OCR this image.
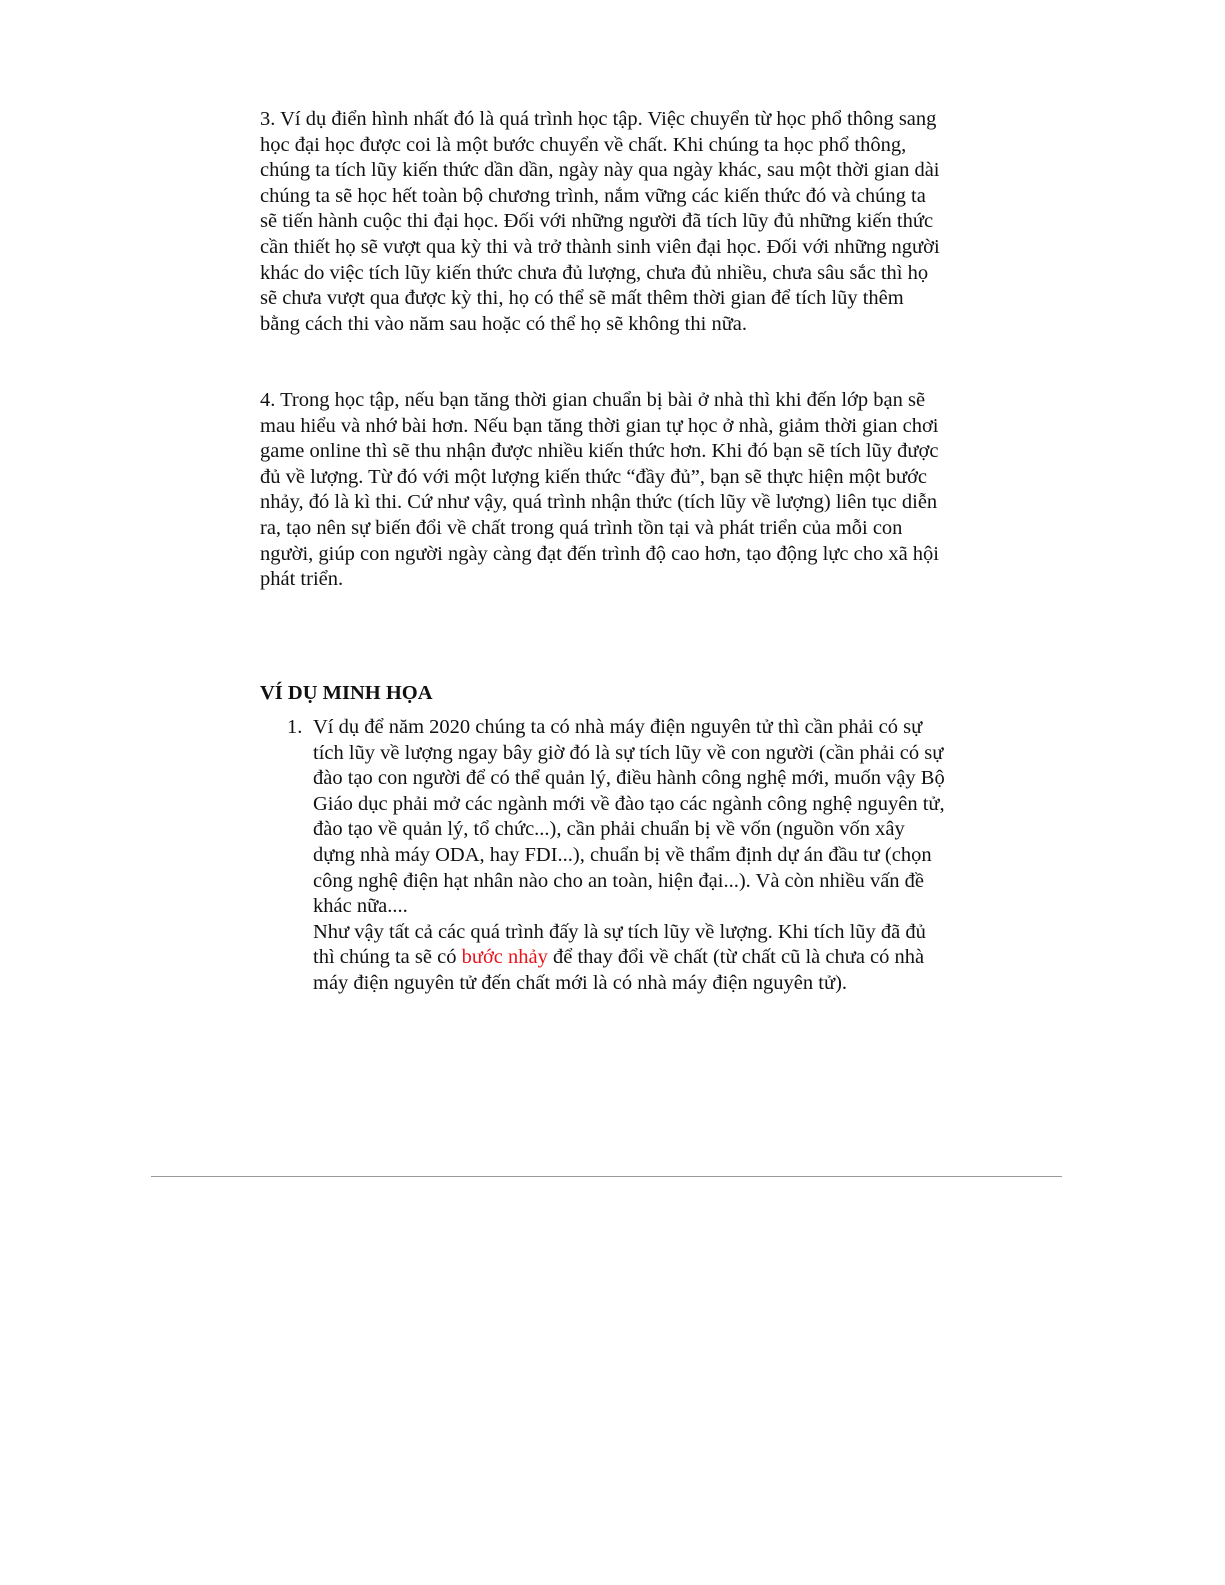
3. Ví dụ điển hình nhất đó là quá trình học tập. Việc chuyển từ học phổ thông sang
học đại học được coi là một bước chuyển về chất. Khi chúng ta học phổ thông,
chúng ta tích lũy kiến thức dần dần, ngày này qua ngày khác, sau một thời gian dài
chúng ta sẽ học hết toàn bộ chương trình, nắm vững các kiến thức đó và chúng ta
sẽ tiến hành cuộc thi đại học. Đối với những người đã tích lũy đủ những kiến thức
cần thiết họ sẽ vượt qua kỳ thi và trở thành sinh viên đại học. Đối với những người
khác do việc tích lũy kiến thức chưa đủ lượng, chưa đủ nhiều, chưa sâu sắc thì họ
sẽ chưa vượt qua được kỳ thi, họ có thể sẽ mất thêm thời gian để tích lũy thêm
bằng cách thi vào năm sau hoặc có thể họ sẽ không thi nữa.
4. Trong học tập, nếu bạn tăng thời gian chuẩn bị bài ở nhà thì khi đến lớp bạn sẽ
mau hiểu và nhớ bài hơn. Nếu bạn tăng thời gian tự học ở nhà, giảm thời gian chơi
game online thì sẽ thu nhận được nhiều kiến thức hơn. Khi đó bạn sẽ tích lũy được
đủ về lượng. Từ đó với một lượng kiến thức “đầy đủ”, bạn sẽ thực hiện một bước
nhảy, đó là kì thi. Cứ như vậy, quá trình nhận thức (tích lũy về lượng) liên tục diễn
ra, tạo nên sự biến đổi về chất trong quá trình tồn tại và phát triển của mỗi con
người, giúp con người ngày càng đạt đến trình độ cao hơn, tạo động lực cho xã hội
phát triển.
VÍ DỤ MINH HỌA
1. Ví dụ để năm 2020 chúng ta có nhà máy điện nguyên tử thì cần phải có sự
tích lũy về lượng ngay bây giờ đó là sự tích lũy về con người (cần phải có sự
đào tạo con người để có thể quản lý, điều hành công nghệ mới, muốn vậy Bộ
Giáo dục phải mở các ngành mới về đào tạo các ngành công nghệ nguyên tử,
đào tạo về quản lý, tổ chức...), cần phải chuẩn bị về vốn (nguồn vốn xây
dựng nhà máy ODA, hay FDI...), chuẩn bị về thẩm định dự án đầu tư (chọn
công nghệ điện hạt nhân nào cho an toàn, hiện đại...). Và còn nhiều vấn đề
khác nữa....
Như vậy tất cả các quá trình đấy là sự tích lũy về lượng. Khi tích lũy đã đủ
thì chúng ta sẽ có bước nhảy để thay đổi về chất (từ chất cũ là chưa có nhà
máy điện nguyên tử đến chất mới là có nhà máy điện nguyên tử).
